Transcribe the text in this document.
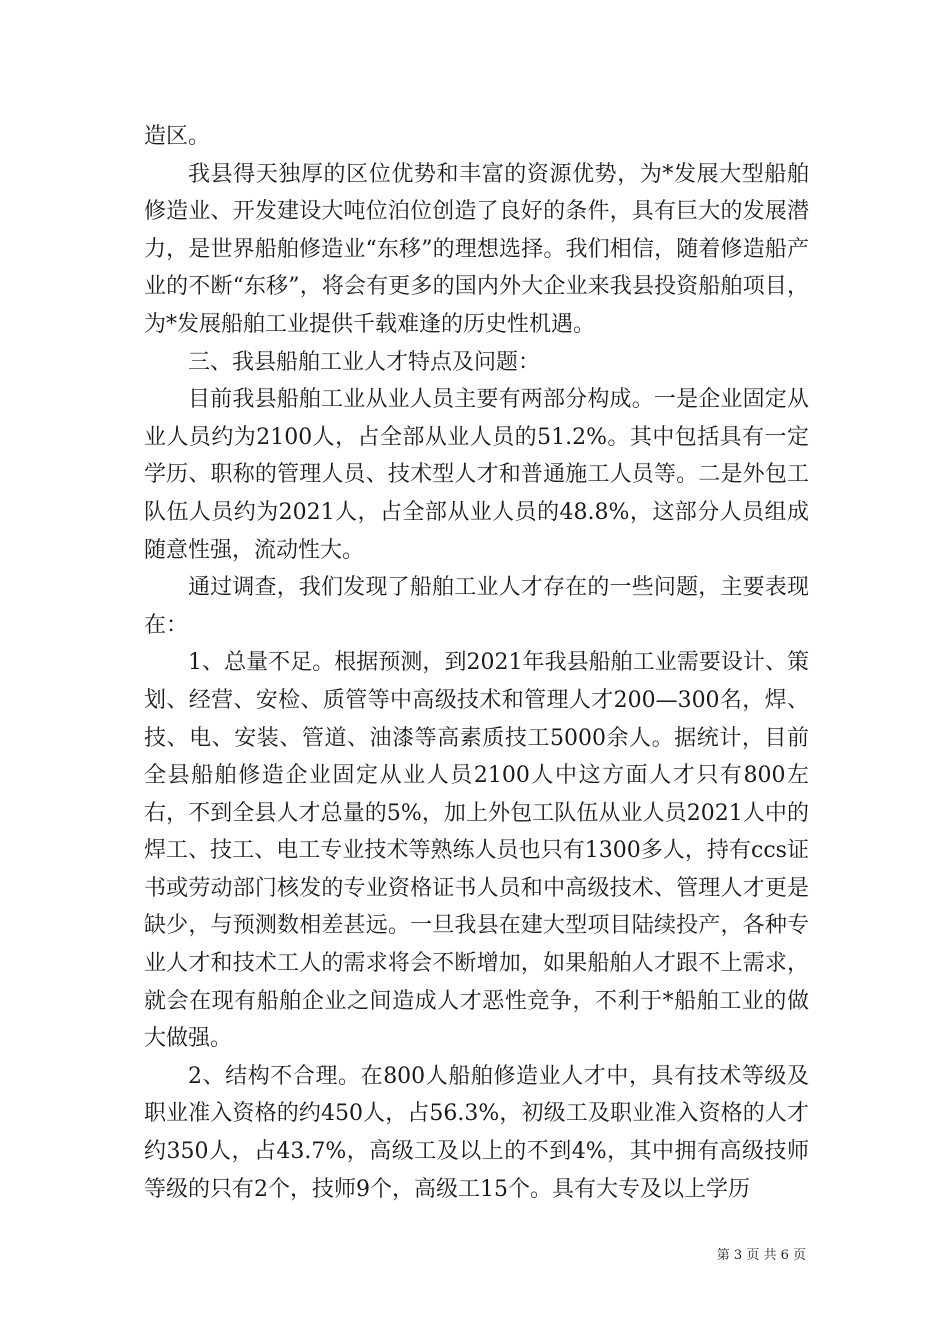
造区。

我县得天独厚的区位优势和丰富的资源优势，为*发展大型船舶修造业、开发建设大吨位泊位创造了良好的条件，具有巨大的发展潜力，是世界船舶修造业“东移”的理想选择。我们相信，随着修造船产业的不断“东移”，将会有更多的国内外大企业来我县投资船舶项目，为*发展船舶工业提供千载难逢的历史性机遇。

三、我县船舶工业人才特点及问题：

目前我县船舶工业从业人员主要有两部分构成。一是企业固定从业人员约为2100人，占全部从业人员的51.2%。其中包括具有一定学历、职称的管理人员、技术型人才和普通施工人员等。二是外包工队伍人员约为2021人，占全部从业人员的48.8%，这部分人员组成随意性强，流动性大。

通过调查，我们发现了船舶工业人才存在的一些问题，主要表现在：

1、总量不足。根据预测，到2021年我县船舶工业需要设计、策划、经营、安检、质管等中高级技术和管理人才200—300名，焊、技、电、安装、管道、油漆等高素质技工5000余人。据统计，目前全县船舶修造企业固定从业人员2100人中这方面人才只有800左右，不到全县人才总量的5%，加上外包工队伍从业人员2021人中的焊工、技工、电工专业技术等熟练人员也只有1300多人，持有ccs证书或劳动部门核发的专业资格证书人员和中高级技术、管理人才更是缺少，与预测数相差甚远。一旦我县在建大型项目陆续投产，各种专业人才和技术工人的需求将会不断增加，如果船舶人才跟不上需求，就会在现有船舶企业之间造成人才恶性竞争，不利于*船舶工业的做大做强。

2、结构不合理。在800人船舶修造业人才中，具有技术等级及职业准入资格的约450人，占56.3%，初级工及职业准入资格的人才约350人，占43.7%，高级工及以上的不到4%，其中拥有高级技师等级的只有2个，技师9个，高级工15个。具有大专及以上学历

第 3 页 共 6 页
